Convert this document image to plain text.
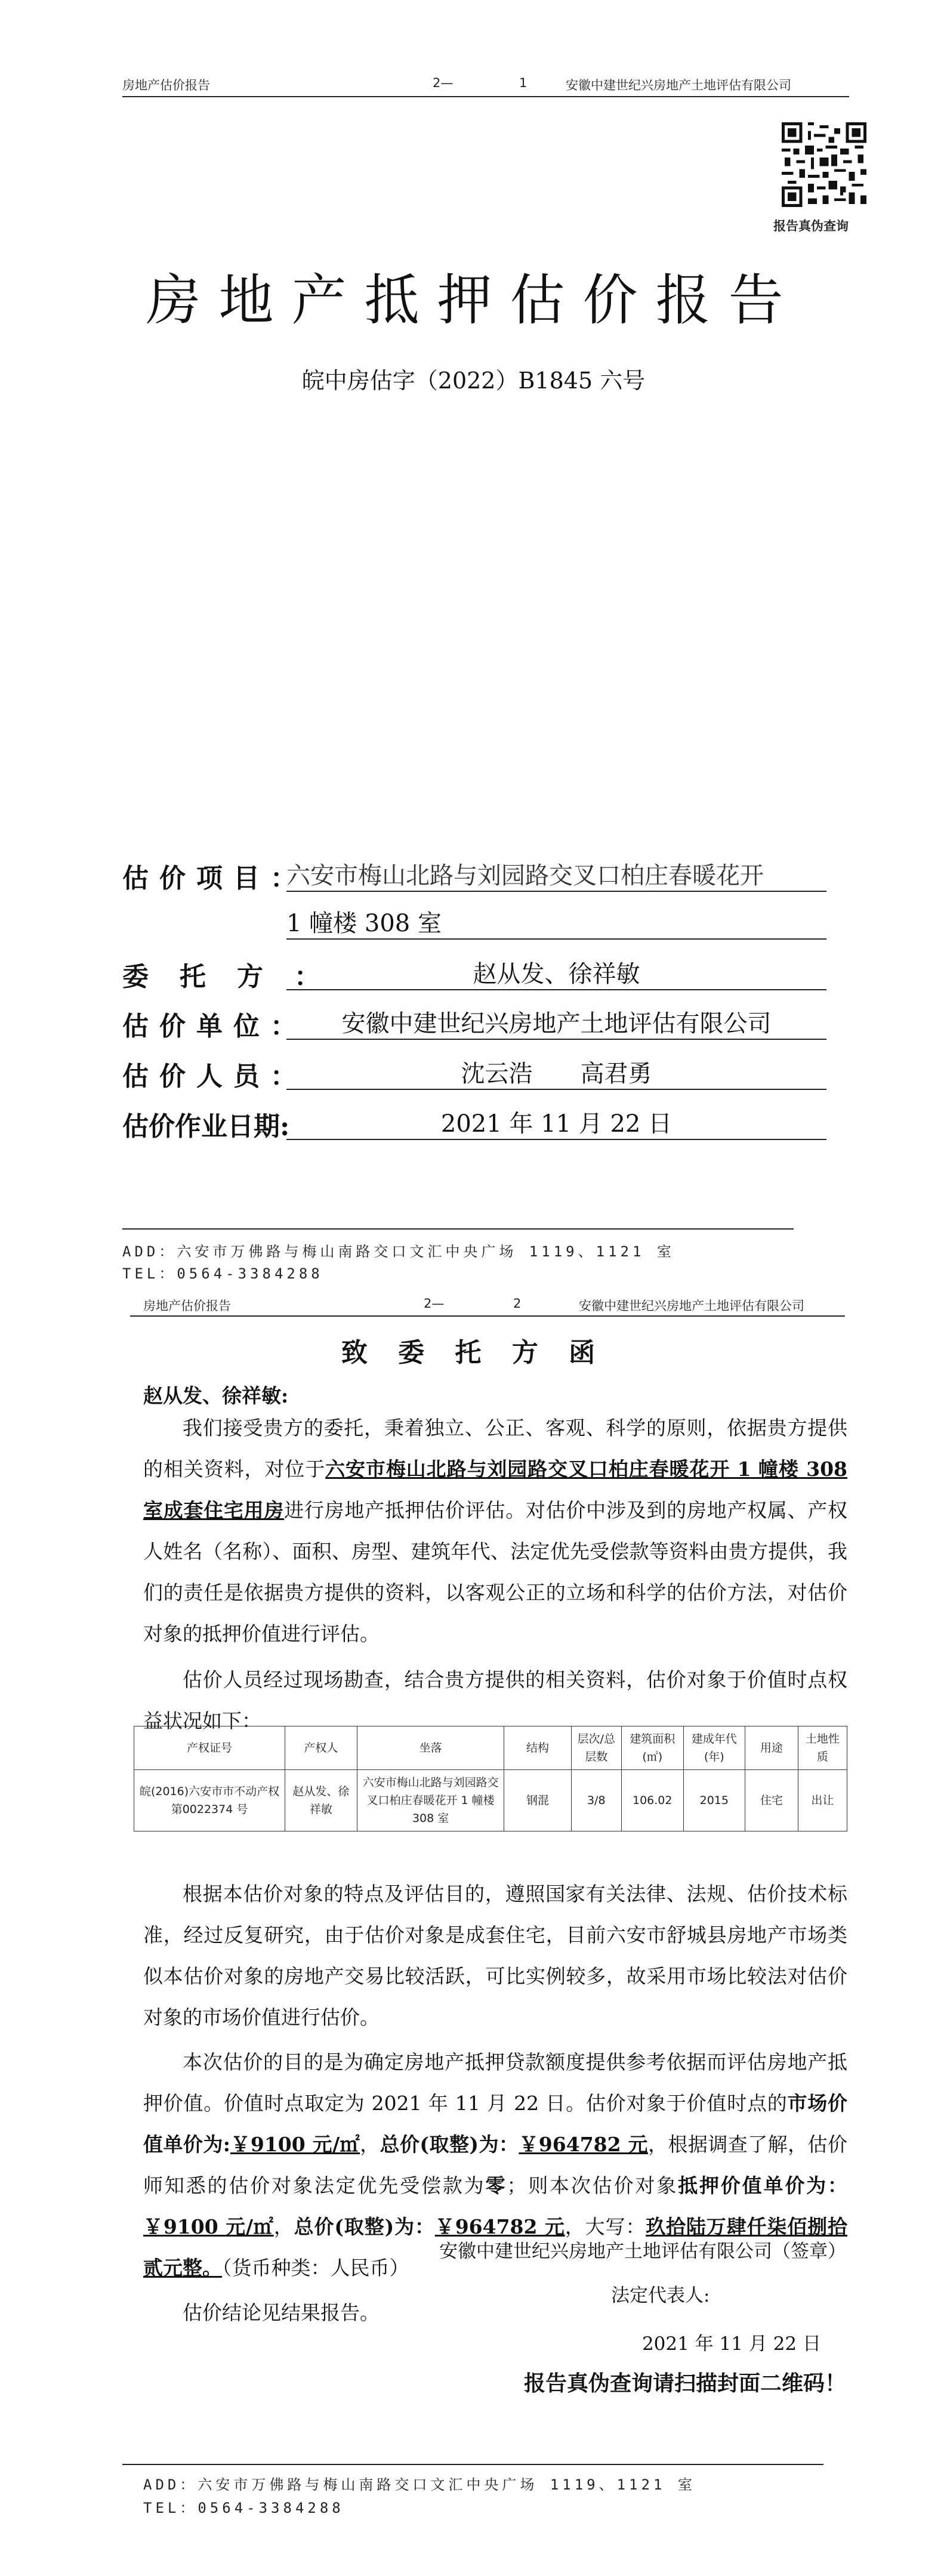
房地产估价报告	2—	1	安徽中建世纪兴房地产土地评估有限公司
报告真伪查询
房地产抵押估价报告
皖中房估字（2022）B1845 六号
估价项目：
六安市梅山北路与刘园路交叉口柏庄春暖花开
1 幢楼 308 室
委托方：	赵从发、徐祥敏
估价单位：	安徽中建世纪兴房地产土地评估有限公司
估价人员：	沈云浩　　高君勇
估价作业日期:	2021 年 11 月 22 日
ADD：六安市万佛路与梅山南路交口文汇中央广场 1119、1121 室
TEL：0564-3384288
房地产估价报告	2—	2	安徽中建世纪兴房地产土地评估有限公司
致 委 托 方 函
赵从发、徐祥敏:

我们接受贵方的委托，秉着独立、公正、客观、科学的原则，依据贵方提供的相关资料，对位于六安市梅山北路与刘园路交叉口柏庄春暖花开 1 幢楼 308 室成套住宅用房进行房地产抵押估价评估。对估价中涉及到的房地产权属、产权人姓名（名称）、面积、房型、建筑年代、法定优先受偿款等资料由贵方提供，我们的责任是依据贵方提供的资料，以客观公正的立场和科学的估价方法，对估价对象的抵押价值进行评估。

估价人员经过现场勘查，结合贵方提供的相关资料，估价对象于价值时点权益状况如下：

产权证号	产权人	坐落	结构	层次/总层数	建筑面积(㎡)	建成年代(年)	用途	土地性质
皖(2016)六安市市不动产权第0022374 号	赵从发、徐祥敏	六安市梅山北路与刘园路交叉口柏庄春暖花开 1 幢楼 308 室	钢混	3/8	106.02	2015	住宅	出让

根据本估价对象的特点及评估目的，遵照国家有关法律、法规、估价技术标准，经过反复研究，由于估价对象是成套住宅，目前六安市舒城县房地产市场类似本估价对象的房地产交易比较活跃，可比实例较多，故采用市场比较法对估价对象的市场价值进行估价。

本次估价的目的是为确定房地产抵押贷款额度提供参考依据而评估房地产抵押价值。价值时点取定为 2021 年 11 月 22 日。估价对象于价值时点的市场价值单价为:￥9100 元/㎡，总价(取整)为：￥964782 元，根据调查了解，估价师知悉的估价对象法定优先受偿款为零；则本次估价对象抵押价值单价为：￥9100 元/㎡，总价(取整)为：￥964782 元，大写：玖拾陆万肆仟柒佰捌拾贰元整。（货币种类：人民币）

估价结论见结果报告。

安徽中建世纪兴房地产土地评估有限公司（签章）
法定代表人:
2021 年 11 月 22 日
报告真伪查询请扫描封面二维码！
ADD：六安市万佛路与梅山南路交口文汇中央广场 1119、1121 室
TEL：0564-3384288
